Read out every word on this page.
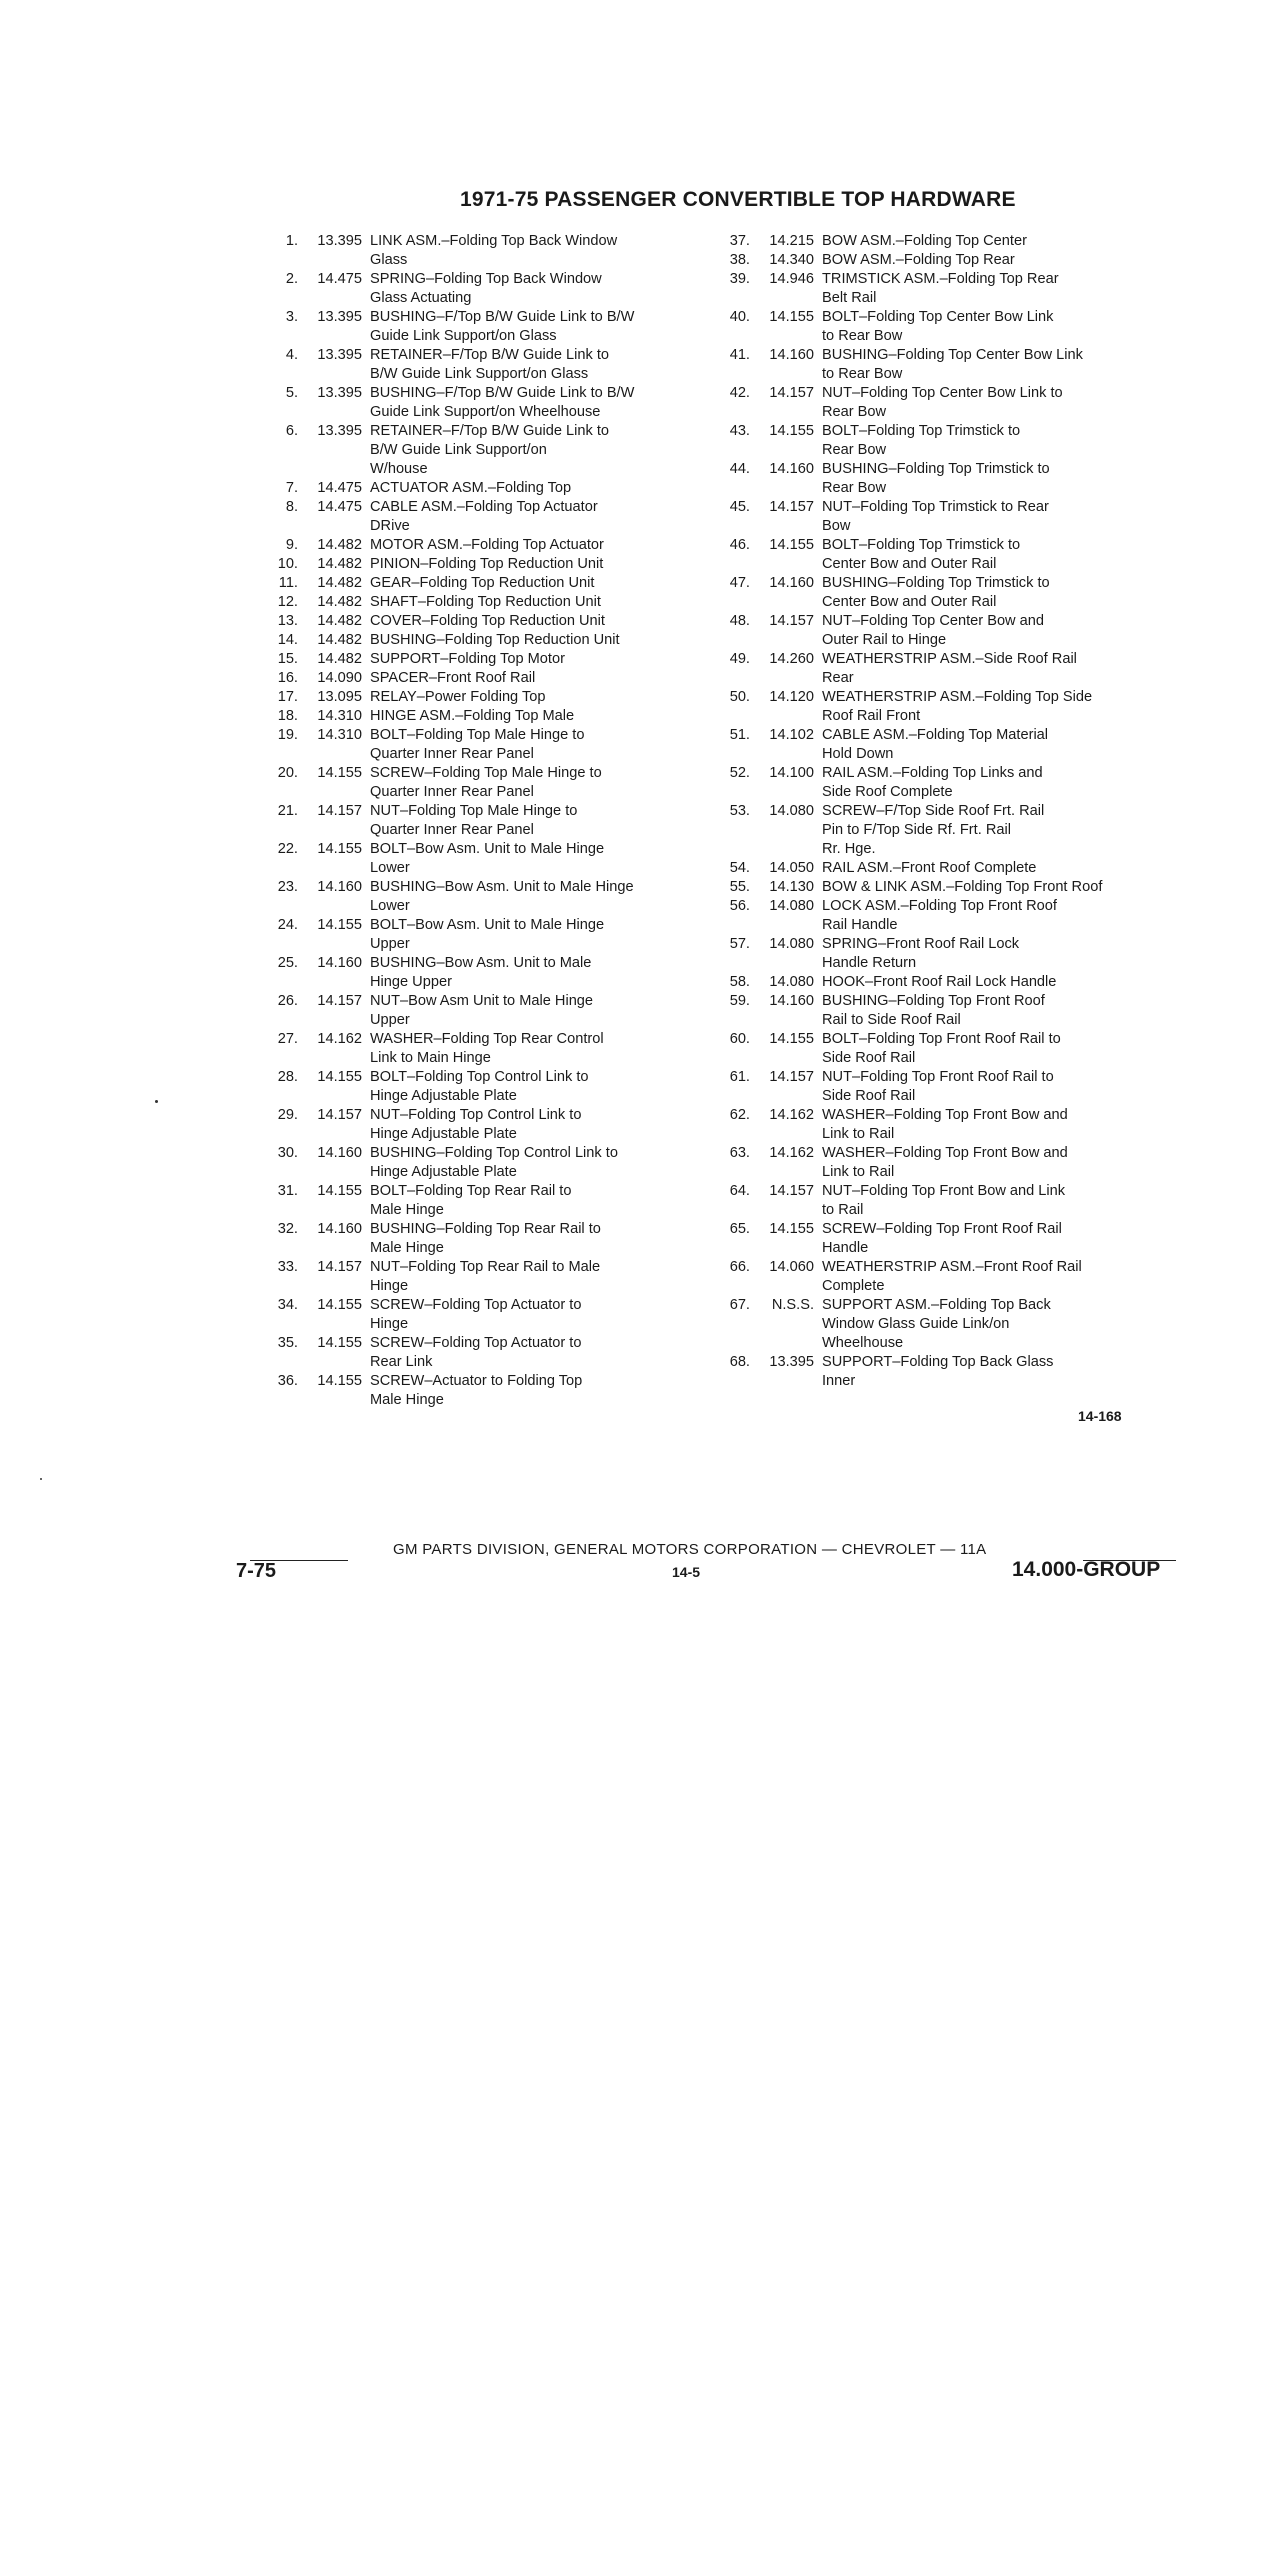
1971-75 PASSENGER CONVERTIBLE TOP HARDWARE
1.	13.395 LINK ASM.–Folding Top Back Window
Glass
2.	14.475 SPRING–Folding Top Back Window
Glass Actuating
3.	13.395 BUSHING–F/Top B/W Guide Link to B/W
Guide Link Support/on Glass
4.	13.395 RETAINER–F/Top B/W Guide Link to
B/W Guide Link Support/on Glass
5.	13.395 BUSHING–F/Top B/W Guide Link to B/W
Guide Link Support/on Wheelhouse
6.	13.395 RETAINER–F/Top B/W Guide Link to
B/W Guide Link Support/on
W/house
7.	14.475 ACTUATOR ASM.–Folding Top
8.	14.475 CABLE ASM.–Folding Top Actuator
DRive
9.	14.482 MOTOR ASM.–Folding Top Actuator
10.	14.482 PINION–Folding Top Reduction Unit
11.	14.482 GEAR–Folding Top Reduction Unit
12.	14.482 SHAFT–Folding Top Reduction Unit
13.	14.482 COVER–Folding Top Reduction Unit
14.	14.482 BUSHING–Folding Top Reduction Unit
15.	14.482 SUPPORT–Folding Top Motor
16.	14.090 SPACER–Front Roof Rail
17.	13.095 RELAY–Power Folding Top
18.	14.310 HINGE ASM.–Folding Top Male
19.	14.310 BOLT–Folding Top Male Hinge to
Quarter Inner Rear Panel
20.	14.155 SCREW–Folding Top Male Hinge to
Quarter Inner Rear Panel
21.	14.157 NUT–Folding Top Male Hinge to
Quarter Inner Rear Panel
22.	14.155 BOLT–Bow Asm. Unit to Male Hinge
Lower
23.	14.160 BUSHING–Bow Asm. Unit to Male Hinge
Lower
24.	14.155 BOLT–Bow Asm. Unit to Male Hinge
Upper
25.	14.160 BUSHING–Bow Asm. Unit to Male
Hinge Upper
26.	14.157 NUT–Bow Asm Unit to Male Hinge
Upper
27.	14.162 WASHER–Folding Top Rear Control
Link to Main Hinge
28.	14.155 BOLT–Folding Top Control Link to
Hinge Adjustable Plate
29.	14.157 NUT–Folding Top Control Link to
Hinge Adjustable Plate
30.	14.160 BUSHING–Folding Top Control Link to
Hinge Adjustable Plate
31.	14.155 BOLT–Folding Top Rear Rail to
Male Hinge
32.	14.160 BUSHING–Folding Top Rear Rail to
Male Hinge
33.	14.157 NUT–Folding Top Rear Rail to Male
Hinge
34.	14.155 SCREW–Folding Top Actuator to
Hinge
35.	14.155 SCREW–Folding Top Actuator to
Rear Link
36.	14.155 SCREW–Actuator to Folding Top
Male Hinge
37.	14.215 BOW ASM.–Folding Top Center
38.	14.340 BOW ASM.–Folding Top Rear
39.	14.946 TRIMSTICK ASM.–Folding Top Rear
Belt Rail
40.	14.155 BOLT–Folding Top Center Bow Link
to Rear Bow
41.	14.160 BUSHING–Folding Top Center Bow Link
to Rear Bow
42.	14.157 NUT–Folding Top Center Bow Link to
Rear Bow
43.	14.155 BOLT–Folding Top Trimstick to
Rear Bow
44.	14.160 BUSHING–Folding Top Trimstick to
Rear Bow
45.	14.157 NUT–Folding Top Trimstick to Rear
Bow
46.	14.155 BOLT–Folding Top Trimstick to
Center Bow and Outer Rail
47.	14.160 BUSHING–Folding Top Trimstick to
Center Bow and Outer Rail
48.	14.157 NUT–Folding Top Center Bow and
Outer Rail to Hinge
49.	14.260 WEATHERSTRIP ASM.–Side Roof Rail
Rear
50.	14.120 WEATHERSTRIP ASM.–Folding Top Side
Roof Rail Front
51.	14.102 CABLE ASM.–Folding Top Material
Hold Down
52.	14.100 RAIL ASM.–Folding Top Links and
Side Roof Complete
53.	14.080 SCREW–F/Top Side Roof Frt. Rail
Pin to F/Top Side Rf. Frt. Rail
Rr. Hge.
54.	14.050 RAIL ASM.–Front Roof Complete
55.	14.130 BOW & LINK ASM.–Folding Top Front Roof
56.	14.080 LOCK ASM.–Folding Top Front Roof
Rail Handle
57.	14.080 SPRING–Front Roof Rail Lock
Handle Return
58.	14.080 HOOK–Front Roof Rail Lock Handle
59.	14.160 BUSHING–Folding Top Front Roof
Rail to Side Roof Rail
60.	14.155 BOLT–Folding Top Front Roof Rail to
Side Roof Rail
61.	14.157 NUT–Folding Top Front Roof Rail to
Side Roof Rail
62.	14.162 WASHER–Folding Top Front Bow and
Link to Rail
63.	14.162 WASHER–Folding Top Front Bow and
Link to Rail
64.	14.157 NUT–Folding Top Front Bow and Link
to Rail
65.	14.155 SCREW–Folding Top Front Roof Rail
Handle
66.	14.060 WEATHERSTRIP ASM.–Front Roof Rail
Complete
67.	N.S.S. SUPPORT ASM.–Folding Top Back
Window Glass Guide Link/on
Wheelhouse
68.	13.395 SUPPORT–Folding Top Back Glass
Inner
14-168
GM PARTS DIVISION, GENERAL MOTORS CORPORATION — CHEVROLET — 11A
7-75	14-5	14.000-GROUP
